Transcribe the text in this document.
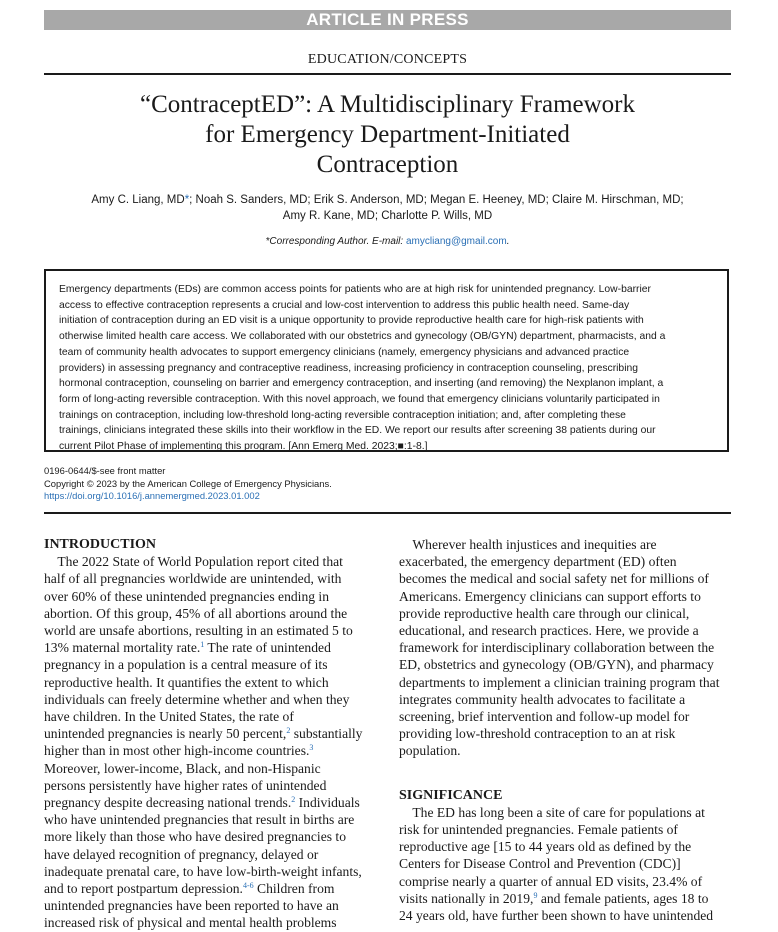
ARTICLE IN PRESS
EDUCATION/CONCEPTS
“ContraceptED”: A Multidisciplinary Framework
for Emergency Department-Initiated
Contraception
Amy C. Liang, MD*; Noah S. Sanders, MD; Erik S. Anderson, MD; Megan E. Heeney, MD; Claire M. Hirschman, MD;
Amy R. Kane, MD; Charlotte P. Wills, MD
*Corresponding Author. E-mail: amycliang@gmail.com.
Emergency departments (EDs) are common access points for patients who are at high risk for unintended pregnancy. Low-barrier
access to effective contraception represents a crucial and low-cost intervention to address this public health need. Same-day
initiation of contraception during an ED visit is a unique opportunity to provide reproductive health care for high-risk patients with
otherwise limited health care access. We collaborated with our obstetrics and gynecology (OB/GYN) department, pharmacists, and a
team of community health advocates to support emergency clinicians (namely, emergency physicians and advanced practice
providers) in assessing pregnancy and contraceptive readiness, increasing proficiency in contraception counseling, prescribing
hormonal contraception, counseling on barrier and emergency contraception, and inserting (and removing) the Nexplanon implant, a
form of long-acting reversible contraception. With this novel approach, we found that emergency clinicians voluntarily participated in
trainings on contraception, including low-threshold long-acting reversible contraception initiation; and, after completing these
trainings, clinicians integrated these skills into their workflow in the ED. We report our results after screening 38 patients during our
current Pilot Phase of implementing this program. [Ann Emerg Med. 2023;■:1-8.]
0196-0644/$-see front matter
Copyright © 2023 by the American College of Emergency Physicians.
https://doi.org/10.1016/j.annemergmed.2023.01.002
INTRODUCTION
The 2022 State of World Population report cited that
half of all pregnancies worldwide are unintended, with
over 60% of these unintended pregnancies ending in
abortion. Of this group, 45% of all abortions around the
world are unsafe abortions, resulting in an estimated 5 to
13% maternal mortality rate.$^1$ The rate of unintended
pregnancy in a population is a central measure of its
reproductive health. It quantifies the extent to which
individuals can freely determine whether and when they
have children. In the United States, the rate of
unintended pregnancies is nearly 50 percent,$^2$ substantially
higher than in most other high-income countries.$^3$
Moreover, lower-income, Black, and non-Hispanic
persons persistently have higher rates of unintended
pregnancy despite decreasing national trends.$^2$ Individuals
who have unintended pregnancies that result in births are
more likely than those who have desired pregnancies to
have delayed recognition of pregnancy, delayed or
inadequate prenatal care, to have low-birth-weight infants,
and to report postpartum depression.$^{4-6}$ Children from
unintended pregnancies have been reported to have an
increased risk of physical and mental health problems
Wherever health injustices and inequities are
exacerbated, the emergency department (ED) often
becomes the medical and social safety net for millions of
Americans. Emergency clinicians can support efforts to
provide reproductive health care through our clinical,
educational, and research practices. Here, we provide a
framework for interdisciplinary collaboration between the
ED, obstetrics and gynecology (OB/GYN), and pharmacy
departments to implement a clinician training program that
integrates community health advocates to facilitate a
screening, brief intervention and follow-up model for
providing low-threshold contraception to an at risk
population.
SIGNIFICANCE
The ED has long been a site of care for populations at
risk for unintended pregnancies. Female patients of
reproductive age [15 to 44 years old as defined by the
Centers for Disease Control and Prevention (CDC)]
comprise nearly a quarter of annual ED visits, 23.4% of
visits nationally in 2019,$^9$ and female patients, ages 18 to
24 years old, have further been shown to have unintended
